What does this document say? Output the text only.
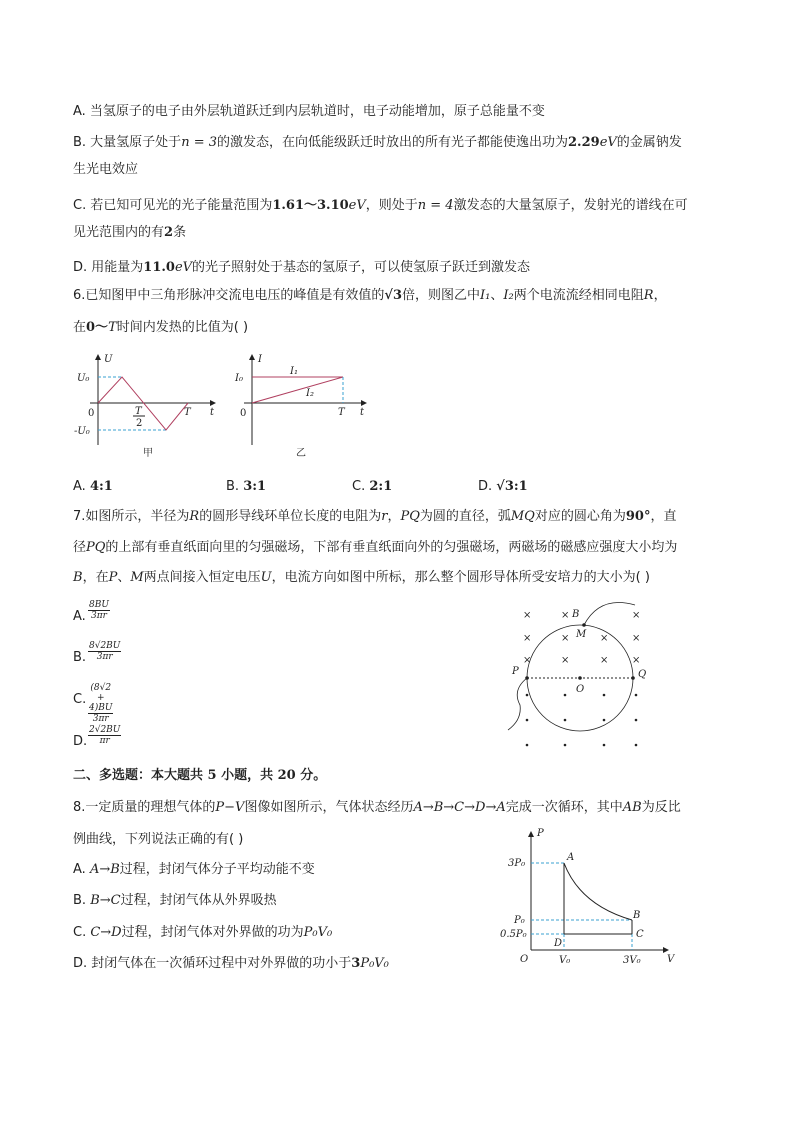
A. 当氢原子的电子由外层轨道跃迁到内层轨道时，电子动能增加，原子总能量不变
B. 大量氢原子处于n = 3的激发态，在向低能级跃迁时放出的所有光子都能使逸出功为2.29eV的金属钠发
生光电效应
C. 若已知可见光的光子能量范围为1.61～3.10eV，则处于n = 4激发态的大量氢原子，发射光的谱线在可
见光范围内的有2条
D. 用能量为11.0eV的光子照射处于基态的氢原子，可以使氢原子跃迁到激发态
6.已知图甲中三角形脉冲交流电电压的峰值是有效值的√3倍，则图乙中I₁、I₂两个电流流经相同电阻R，
在0～T时间内发热的比值为( )
7.如图所示，半径为R的圆形导线环单位长度的电阻为r，PQ为圆的直径，弧MQ对应的圆心角为90°，直
径PQ的上部有垂直纸面向里的匀强磁场，下部有垂直纸面向外的匀强磁场，两磁场的磁感应强度大小均为
B，在P、M两点间接入恒定电压U，电流方向如图中所标，那么整个圆形导体所受安培力的大小为( )
二、多选题：本大题共 5 小题，共 20 分。
8.一定质量的理想气体的P−V图像如图所示，气体状态经历A→B→C→D→A完成一次循环，其中AB为反比
例曲线，下列说法正确的有( )
A. A→B过程，封闭气体分子平均动能不变
B. B→C过程，封闭气体从外界吸热
C. C→D过程，封闭气体对外界做的功为P₀V₀
D. 封闭气体在一次循环过程中对外界做的功小于3P₀V₀
A. 4:1	B. 3:1	C. 2:1	D. √3:1
A. $\frac{8BU}{3\pi r}$
B. $\frac{8√2BU}{3\pi r}$
C. $\frac{(8√2 + 4)BU}{3\pi r}$
D. $\frac{2√2BU}{\pi r}$
U
U₀
-U₀
0	T
2
T t
甲
I
I₀
0
I₁
I₂
T t
乙
B
M
P	Q
O
×	×	×
×	×	× ×
×	×	× ×
P
V
O
3P₀
P₀
0.5P₀
V₀	3V₀
A
B
C
D
